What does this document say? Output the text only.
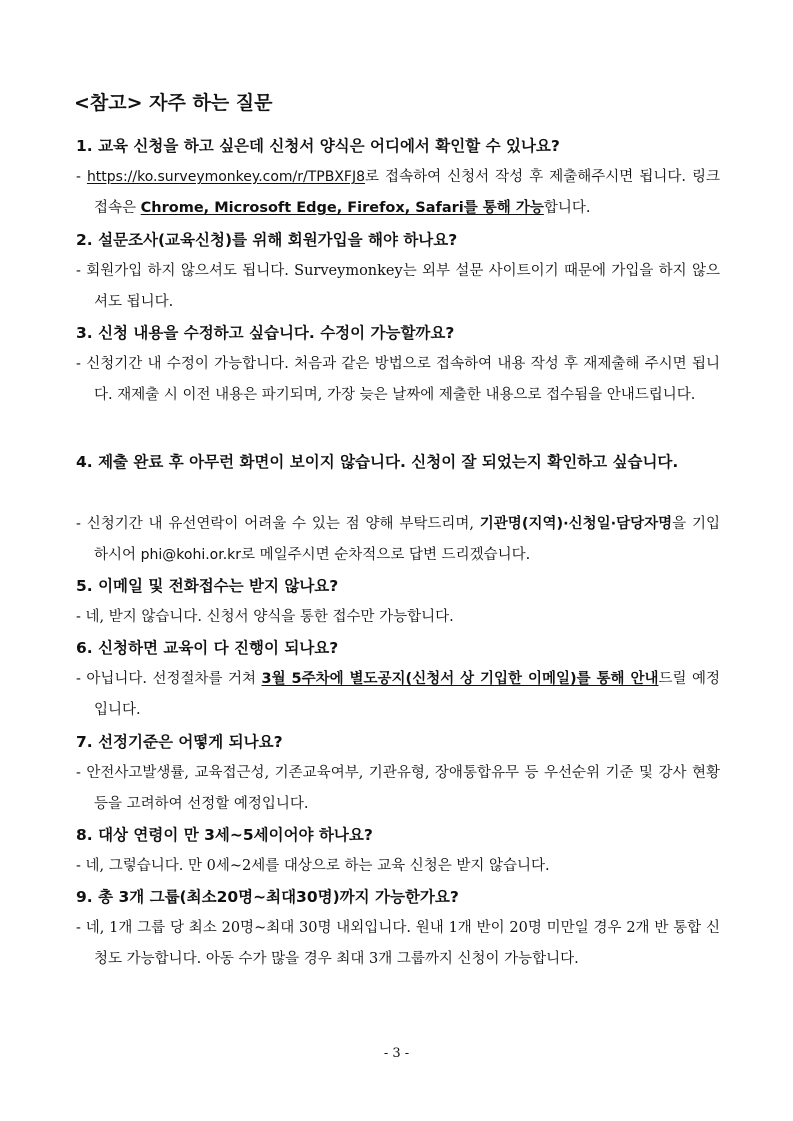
<참고> 자주 하는 질문
1. 교육 신청을 하고 싶은데 신청서 양식은 어디에서 확인할 수 있나요?
- https://ko.surveymonkey.com/r/TPBXFJ8로 접속하여 신청서 작성 후 제출해주시면 됩니다. 링크접속은 Chrome, Microsoft Edge, Firefox, Safari를 통해 가능합니다.
2. 설문조사(교육신청)를 위해 회원가입을 해야 하나요?
- 회원가입 하지 않으셔도 됩니다. Surveymonkey는 외부 설문 사이트이기 때문에 가입을 하지 않으셔도 됩니다.
3. 신청 내용을 수정하고 싶습니다. 수정이 가능할까요?
- 신청기간 내 수정이 가능합니다. 처음과 같은 방법으로 접속하여 내용 작성 후 재제출해 주시면 됩니다. 재제출 시 이전 내용은 파기되며, 가장 늦은 날짜에 제출한 내용으로 접수됨을 안내드립니다.
4. 제출 완료 후 아무런 화면이 보이지 않습니다. 신청이 잘 되었는지 확인하고 싶습니다.
- 신청기간 내 유선연락이 어려울 수 있는 점 양해 부탁드리며, 기관명(지역)·신청일·담당자명을 기입하시어 phi@kohi.or.kr로 메일주시면 순차적으로 답변 드리겠습니다.
5. 이메일 및 전화접수는 받지 않나요?
- 네, 받지 않습니다. 신청서 양식을 통한 접수만 가능합니다.
6. 신청하면 교육이 다 진행이 되나요?
- 아닙니다. 선정절차를 거쳐 3월 5주차에 별도공지(신청서 상 기입한 이메일)를 통해 안내드릴 예정입니다.
7. 선정기준은 어떻게 되나요?
- 안전사고발생률, 교육접근성, 기존교육여부, 기관유형, 장애통합유무 등 우선순위 기준 및 강사 현황 등을 고려하여 선정할 예정입니다.
8. 대상 연령이 만 3세~5세이어야 하나요?
- 네, 그렇습니다. 만 0세~2세를 대상으로 하는 교육 신청은 받지 않습니다.
9. 총 3개 그룹(최소20명~최대30명)까지 가능한가요?
- 네, 1개 그룹 당 최소 20명~최대 30명 내외입니다. 원내 1개 반이 20명 미만일 경우 2개 반 통합 신청도 가능합니다. 아동 수가 많을 경우 최대 3개 그룹까지 신청이 가능합니다.
- 3 -
